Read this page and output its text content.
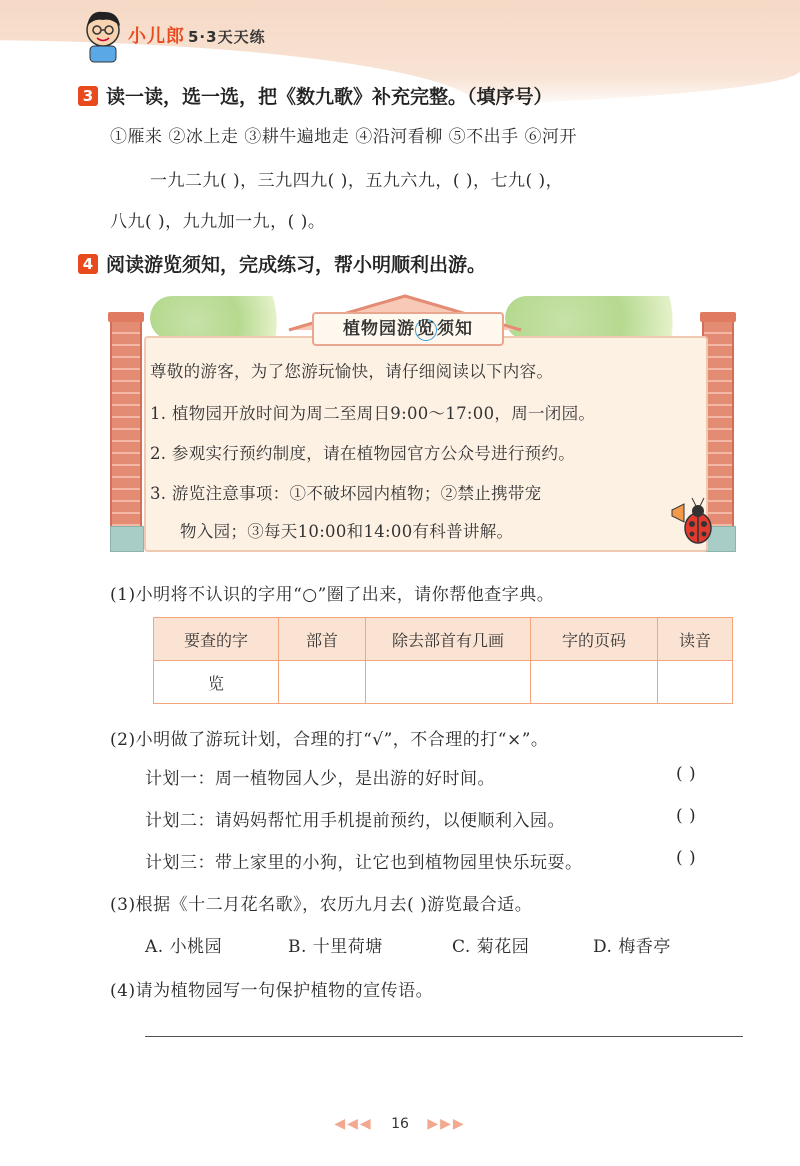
小儿郎 5·3天天练
3 读一读，选一选，把《数九歌》补充完整。（填序号）
①雁来 ②冰上走 ③耕牛遍地走 ④沿河看柳 ⑤不出手 ⑥河开
一九二九( )，三九四九( )，五九六九，( )，七九( )，
八九( )，九九加一九，( )。
4 阅读游览须知，完成练习，帮小明顺利出游。
植物园游 览 须知
尊敬的游客，为了您游玩愉快，请仔细阅读以下内容。
1. 植物园开放时间为周二至周日9:00～17:00，周一闭园。
2. 参观实行预约制度，请在植物园官方公众号进行预约。
3. 游览注意事项：①不破坏园内植物；②禁止携带宠
物入园；③每天10:00和14:00有科普讲解。
(1)小明将不认识的字用“○”圈了出来，请你帮他查字典。
要查的字	部首	除去部首有几画	字的页码	读音
览				
(2)小明做了游玩计划，合理的打“√”，不合理的打“×”。
计划一：周一植物园人少，是出游的好时间。	( )
计划二：请妈妈帮忙用手机提前预约，以便顺利入园。	( )
计划三：带上家里的小狗，让它也到植物园里快乐玩耍。	( )
(3)根据《十二月花名歌》，农历九月去( )游览最合适。
A. 小桃园	B. 十里荷塘	C. 菊花园	D. 梅香亭
(4)请为植物园写一句保护植物的宣传语。
◀◀◀ 16 ▶▶▶
